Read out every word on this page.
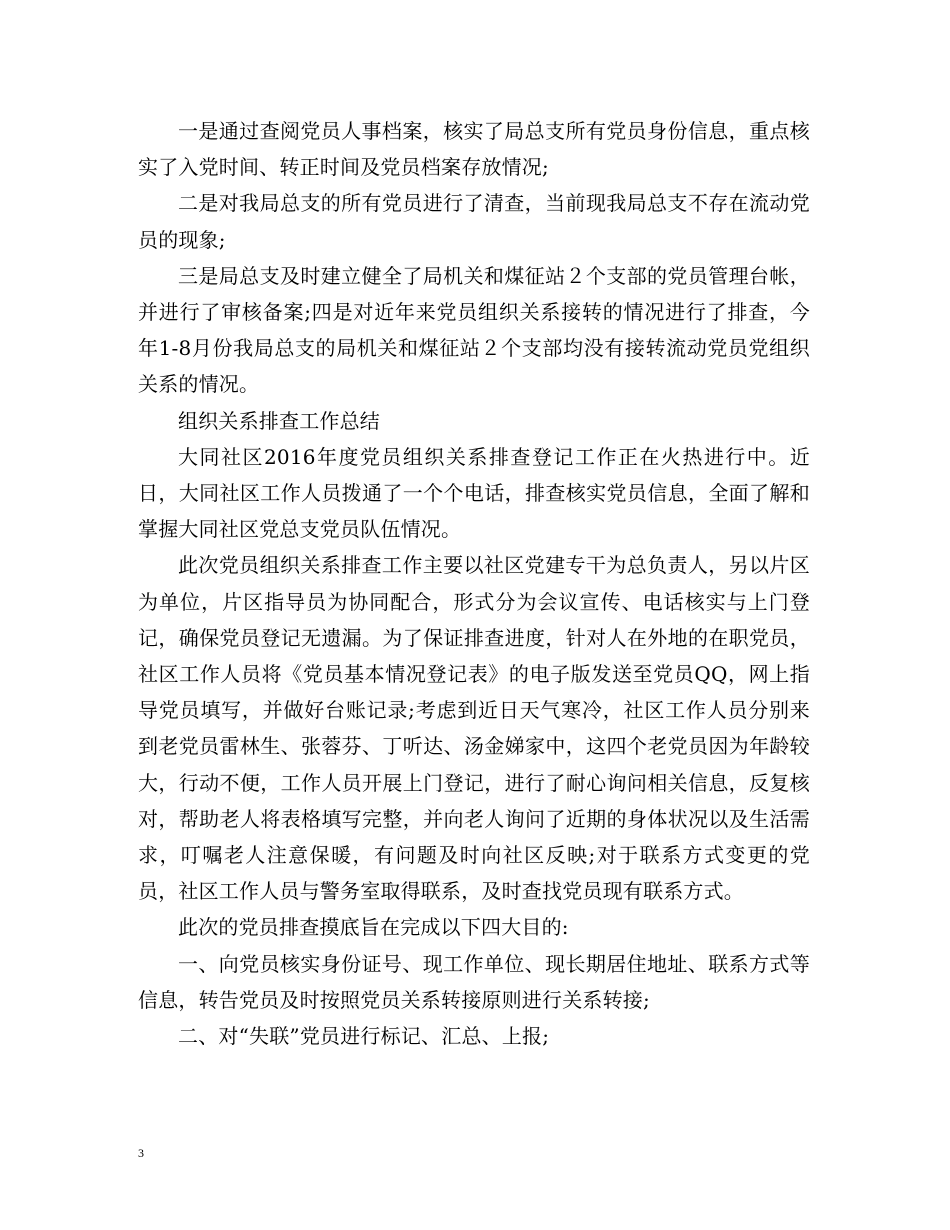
一是通过查阅党员人事档案，核实了局总支所有党员身份信息，重点核实了入党时间、转正时间及党员档案存放情况;

二是对我局总支的所有党员进行了清查，当前现我局总支不存在流动党员的现象;

三是局总支及时建立健全了局机关和煤征站２个支部的党员管理台帐，并进行了审核备案;四是对近年来党员组织关系接转的情况进行了排查，今年1-8月份我局总支的局机关和煤征站２个支部均没有接转流动党员党组织关系的情况。

组织关系排查工作总结

大同社区2016年度党员组织关系排查登记工作正在火热进行中。近日，大同社区工作人员拨通了一个个电话，排查核实党员信息，全面了解和掌握大同社区党总支党员队伍情况。

此次党员组织关系排查工作主要以社区党建专干为总负责人，另以片区为单位，片区指导员为协同配合，形式分为会议宣传、电话核实与上门登记，确保党员登记无遗漏。为了保证排查进度，针对人在外地的在职党员，社区工作人员将《党员基本情况登记表》的电子版发送至党员QQ，网上指导党员填写，并做好台账记录;考虑到近日天气寒冷，社区工作人员分别来到老党员雷林生、张蓉芬、丁听达、汤金娣家中，这四个老党员因为年龄较大，行动不便，工作人员开展上门登记，进行了耐心询问相关信息，反复核对，帮助老人将表格填写完整，并向老人询问了近期的身体状况以及生活需求，叮嘱老人注意保暖，有问题及时向社区反映;对于联系方式变更的党员，社区工作人员与警务室取得联系，及时查找党员现有联系方式。

此次的党员排查摸底旨在完成以下四大目的:

一、向党员核实身份证号、现工作单位、现长期居住地址、联系方式等信息，转告党员及时按照党员关系转接原则进行关系转接;

二、对“失联”党员进行标记、汇总、上报;

3
